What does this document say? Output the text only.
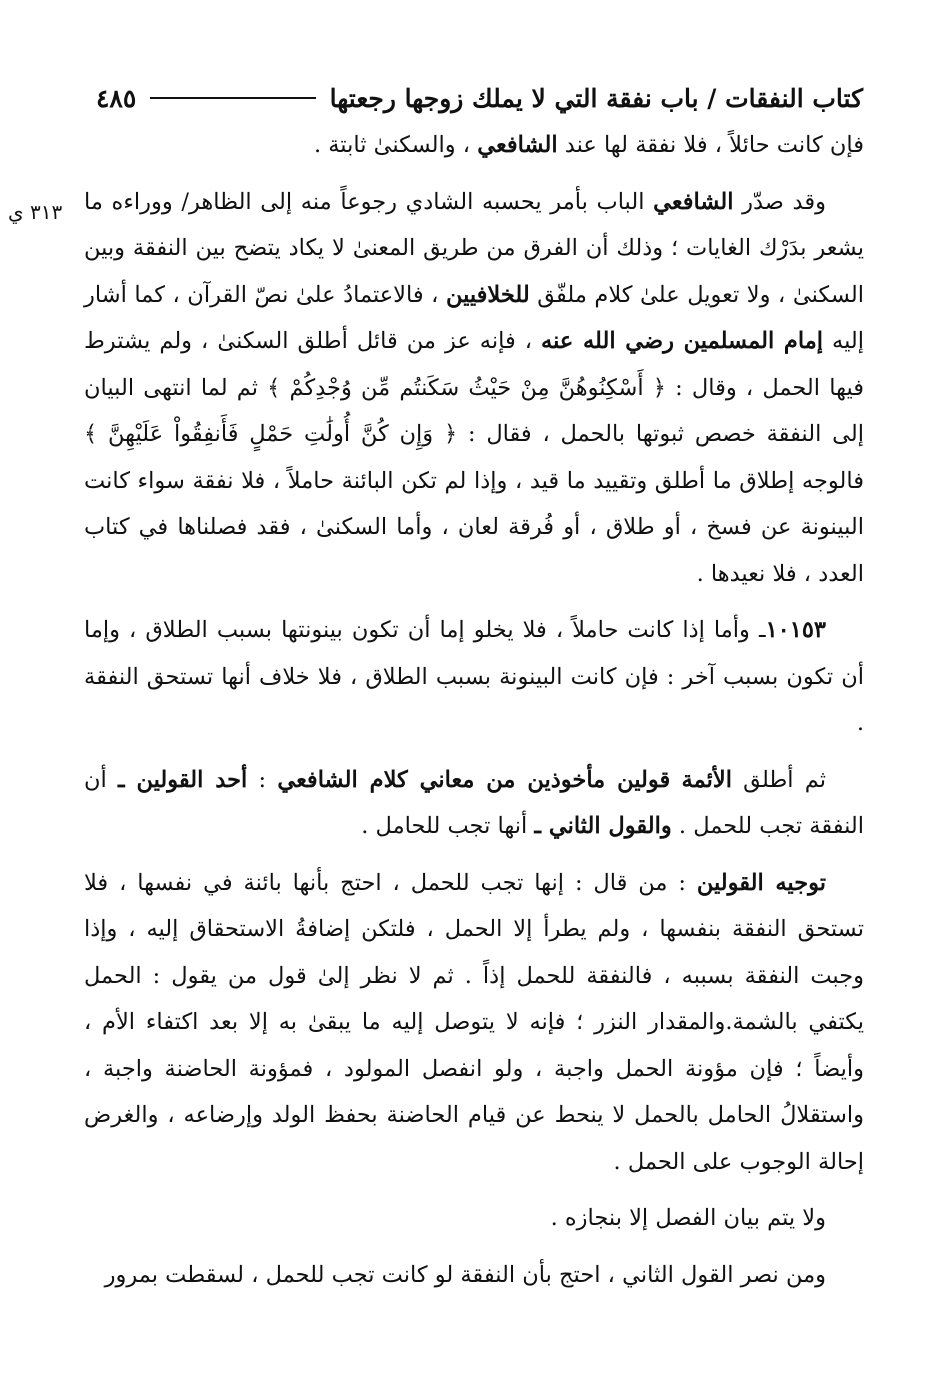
كتاب النفقات / باب نفقة التي لا يملك زوجها رجعتها
٤٨٥
٣١٣ ي

فإن كانت حائلاً ، فلا نفقة لها عند الشافعي ، والسكنىٰ ثابتة .

وقد صدّر الشافعي الباب بأمر يحسبه الشادي رجوعاً منه إلى الظاهر/ ووراءه ما يشعر بدَرْك الغايات ؛ وذلك أن الفرق من طريق المعنىٰ لا يكاد يتضح بين النفقة وبين السكنىٰ ، ولا تعويل علىٰ كلام ملفّق للخلافيين ، فالاعتمادُ علىٰ نصّ القرآن ، كما أشار إليه إمام المسلمين رضي الله عنه ، فإنه عز من قائل أطلق السكنىٰ ، ولم يشترط فيها الحمل ، وقال : ﴿ أَسْكِنُوهُنَّ مِنْ حَيْثُ سَكَنتُم مِّن وُجْدِكُمْ ﴾ ثم لما انتهى البيان إلى النفقة خصص ثبوتها بالحمل ، فقال : ﴿ وَإِن كُنَّ أُولَٰتِ حَمْلٍ فَأَنفِقُواْ عَلَيْهِنَّ ﴾ فالوجه إطلاق ما أطلق وتقييد ما قيد ، وإذا لم تكن البائنة حاملاً ، فلا نفقة سواء كانت البينونة عن فسخ ، أو طلاق ، أو فُرقة لعان ، وأما السكنىٰ ، فقد فصلناها في كتاب العدد ، فلا نعيدها .

١٠١٥٣ـ وأما إذا كانت حاملاً ، فلا يخلو إما أن تكون بينونتها بسبب الطلاق ، وإما أن تكون بسبب آخر : فإن كانت البينونة بسبب الطلاق ، فلا خلاف أنها تستحق النفقة .

ثم أطلق الأئمة قولين مأخوذين من معاني كلام الشافعي : أحد القولين ـ أن النفقة تجب للحمل . والقول الثاني ـ أنها تجب للحامل .

توجيه القولين : من قال : إنها تجب للحمل ، احتج بأنها بائنة في نفسها ، فلا تستحق النفقة بنفسها ، ولم يطرأ إلا الحمل ، فلتكن إضافةُ الاستحقاق إليه ، وإذا وجبت النفقة بسببه ، فالنفقة للحمل إذاً . ثم لا نظر إلىٰ قول من يقول : الحمل يكتفي بالشمة.والمقدار النزر ؛ فإنه لا يتوصل إليه ما يبقىٰ به إلا بعد اكتفاء الأم ، وأيضاً ؛ فإن مؤونة الحمل واجبة ، ولو انفصل المولود ، فمؤونة الحاضنة واجبة ، واستقلالُ الحامل بالحمل لا ينحط عن قيام الحاضنة بحفظ الولد وإرضاعه ، والغرض إحالة الوجوب على الحمل .

ولا يتم بيان الفصل إلا بنجازه .

ومن نصر القول الثاني ، احتج بأن النفقة لو كانت تجب للحمل ، لسقطت بمرور
